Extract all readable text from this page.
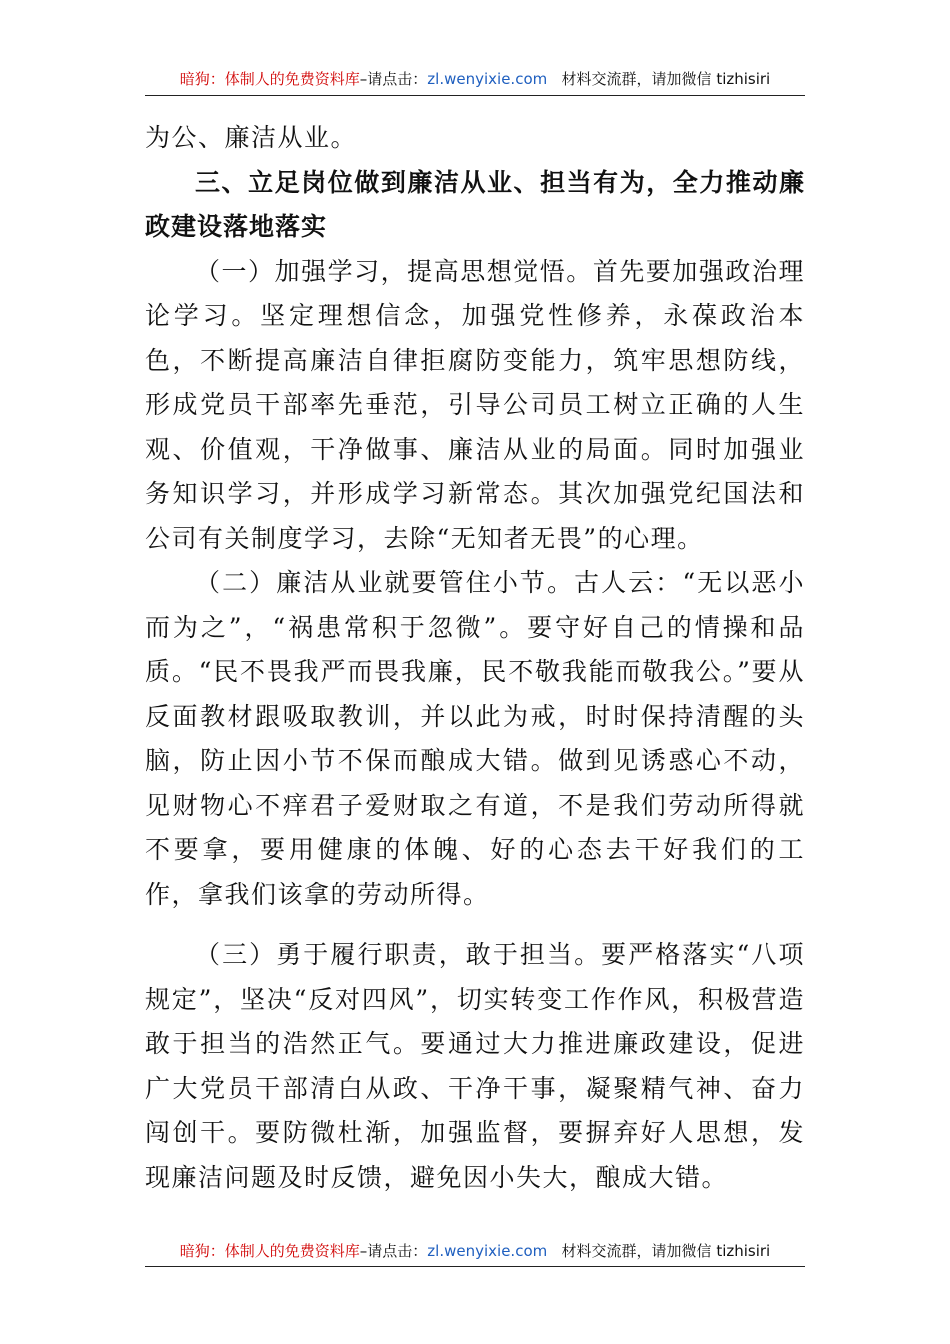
暗狗：体制人的免费资料库–请点击：zl.wenyixie.com 材料交流群，请加微信 tizhisiri

为公、廉洁从业。

三、立足岗位做到廉洁从业、担当有为，全力推动廉政建设落地落实

（一）加强学习，提高思想觉悟。首先要加强政治理论学习。坚定理想信念，加强党性修养，永葆政治本色，不断提高廉洁自律拒腐防变能力，筑牢思想防线，形成党员干部率先垂范，引导公司员工树立正确的人生观、价值观，干净做事、廉洁从业的局面。同时加强业务知识学习，并形成学习新常态。其次加强党纪国法和公司有关制度学习，去除“无知者无畏”的心理。

（二）廉洁从业就要管住小节。古人云：“无以恶小而为之”，“祸患常积于忽微”。要守好自己的情操和品质。“民不畏我严而畏我廉，民不敬我能而敬我公。”要从反面教材跟吸取教训，并以此为戒，时时保持清醒的头脑，防止因小节不保而酿成大错。做到见诱惑心不动，见财物心不痒君子爱财取之有道，不是我们劳动所得就不要拿，要用健康的体魄、好的心态去干好我们的工作，拿我们该拿的劳动所得。

（三）勇于履行职责，敢于担当。要严格落实“八项规定”，坚决“反对四风”，切实转变工作作风，积极营造敢于担当的浩然正气。要通过大力推进廉政建设，促进广大党员干部清白从政、干净干事，凝聚精气神、奋力闯创干。要防微杜渐，加强监督，要摒弃好人思想，发现廉洁问题及时反馈，避免因小失大，酿成大错。

暗狗：体制人的免费资料库–请点击：zl.wenyixie.com 材料交流群，请加微信 tizhisiri
